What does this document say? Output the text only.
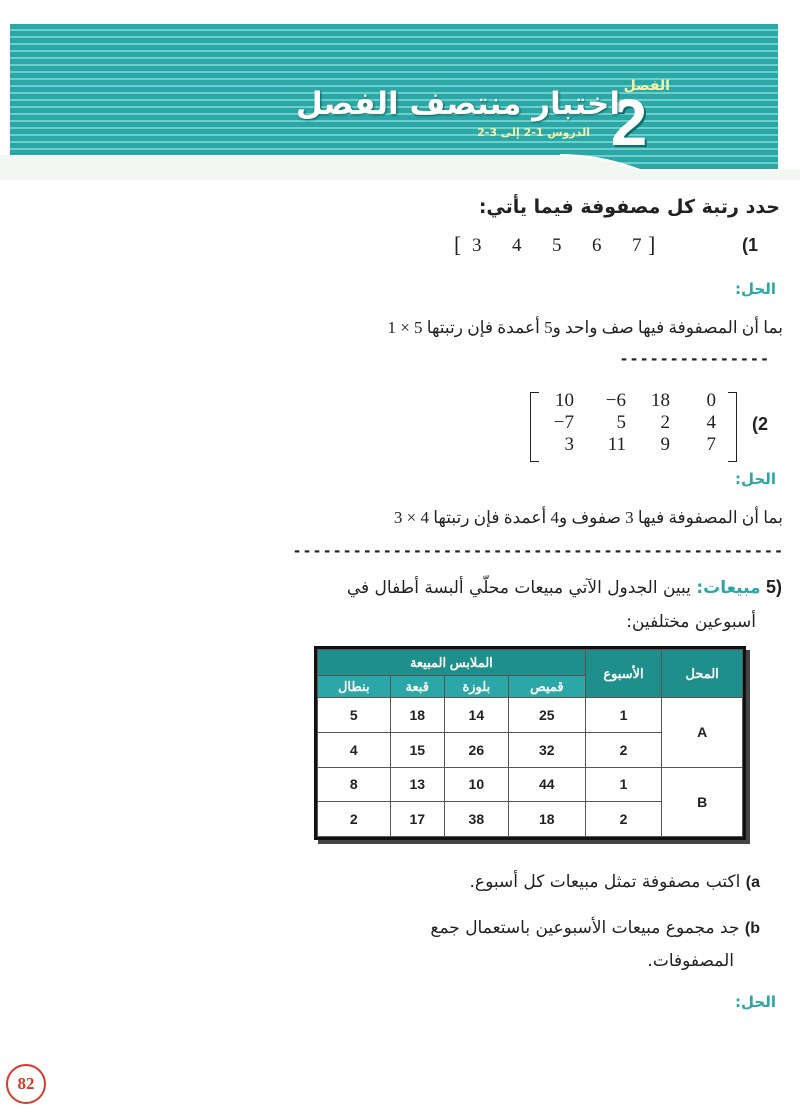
الفصل
2
اختبار منتصف الفصل
الدروس 1-2 إلى 3-2
حدد رتبة كل مصفوفة فيما يأتي:
(1
[ 3 4 5 6 7 ]
الحل:
بما أن المصفوفة فيها صف واحد و5 أعمدة فإن رتبتها 5 × 1
---------------
10	−6	18	0
−7	5	2	4
3	11	9	7
(2
الحل:
بما أن المصفوفة فيها 3 صفوف و4 أعمدة فإن رتبتها 4 × 3
-------------------------------------------------
(5 مبيعات: يبين الجدول الآتي مبيعات محلّي ألبسة أطفال في
أسبوعين مختلفين:
المحل	الأسبوع	الملابس المبيعة			
		قميص	بلوزة	قبعة	بنطال
A	1	25	14	18	5
	2	32	26	15	4
B	1	44	10	13	8
	2	18	38	17	2
a) اكتب مصفوفة تمثل مبيعات كل أسبوع.
b) جد مجموع مبيعات الأسبوعين باستعمال جمع
المصفوفات.
الحل:
82
